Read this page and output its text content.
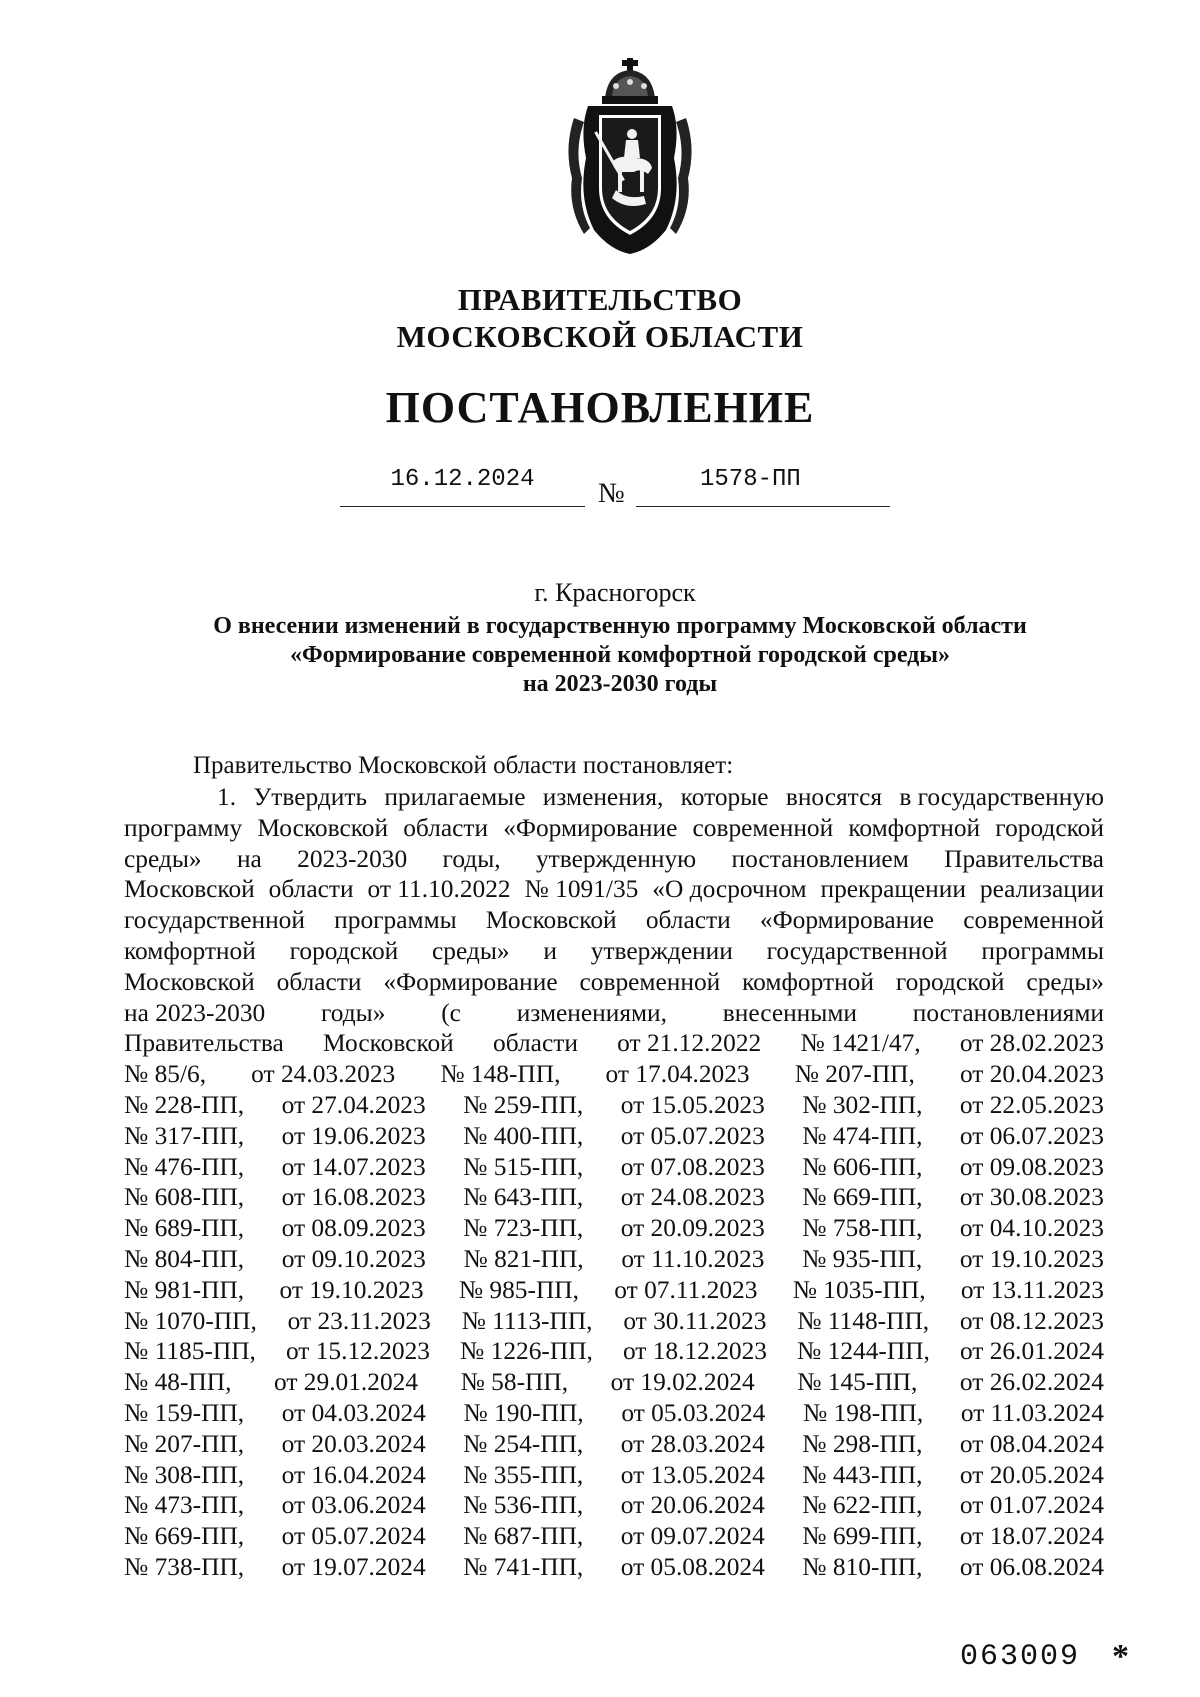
ПРАВИТЕЛЬСТВО
МОСКОВСКОЙ ОБЛАСТИ
ПОСТАНОВЛЕНИЕ
16.12.2024	№	1578-ПП
г. Красногорск
О внесении изменений в государственную программу Московской области
«Формирование современной комфортной городской среды»
на 2023-2030 годы
Правительство Московской области постановляет:
1. Утвердить прилагаемые изменения, которые вносятся в государственную
программу Московской области «Формирование современной комфортной городской
среды» на 2023-2030 годы, утвержденную постановлением Правительства
Московской области от 11.10.2022 № 1091/35 «О досрочном прекращении реализации
государственной программы Московской области «Формирование современной
комфортной городской среды» и утверждении государственной программы
Московской области «Формирование современной комфортной городской среды»
на 2023-2030 годы» (с изменениями, внесенными постановлениями
Правительства Московской области от 21.12.2022 № 1421/47, от 28.02.2023
№ 85/6, от 24.03.2023 № 148-ПП, от 17.04.2023 № 207-ПП, от 20.04.2023
№ 228-ПП, от 27.04.2023 № 259-ПП, от 15.05.2023 № 302-ПП, от 22.05.2023
№ 317-ПП, от 19.06.2023 № 400-ПП, от 05.07.2023 № 474-ПП, от 06.07.2023
№ 476-ПП, от 14.07.2023 № 515-ПП, от 07.08.2023 № 606-ПП, от 09.08.2023
№ 608-ПП, от 16.08.2023 № 643-ПП, от 24.08.2023 № 669-ПП, от 30.08.2023
№ 689-ПП, от 08.09.2023 № 723-ПП, от 20.09.2023 № 758-ПП, от 04.10.2023
№ 804-ПП, от 09.10.2023 № 821-ПП, от 11.10.2023 № 935-ПП, от 19.10.2023
№ 981-ПП, от 19.10.2023 № 985-ПП, от 07.11.2023 № 1035-ПП, от 13.11.2023
№ 1070-ПП, от 23.11.2023 № 1113-ПП, от 30.11.2023 № 1148-ПП, от 08.12.2023
№ 1185-ПП, от 15.12.2023 № 1226-ПП, от 18.12.2023 № 1244-ПП, от 26.01.2024
№ 48-ПП, от 29.01.2024 № 58-ПП, от 19.02.2024 № 145-ПП, от 26.02.2024
№ 159-ПП, от 04.03.2024 № 190-ПП, от 05.03.2024 № 198-ПП, от 11.03.2024
№ 207-ПП, от 20.03.2024 № 254-ПП, от 28.03.2024 № 298-ПП, от 08.04.2024
№ 308-ПП, от 16.04.2024 № 355-ПП, от 13.05.2024 № 443-ПП, от 20.05.2024
№ 473-ПП, от 03.06.2024 № 536-ПП, от 20.06.2024 № 622-ПП, от 01.07.2024
№ 669-ПП, от 05.07.2024 № 687-ПП, от 09.07.2024 № 699-ПП, от 18.07.2024
№ 738-ПП, от 19.07.2024 № 741-ПП, от 05.08.2024 № 810-ПП, от 06.08.2024
063009 *
